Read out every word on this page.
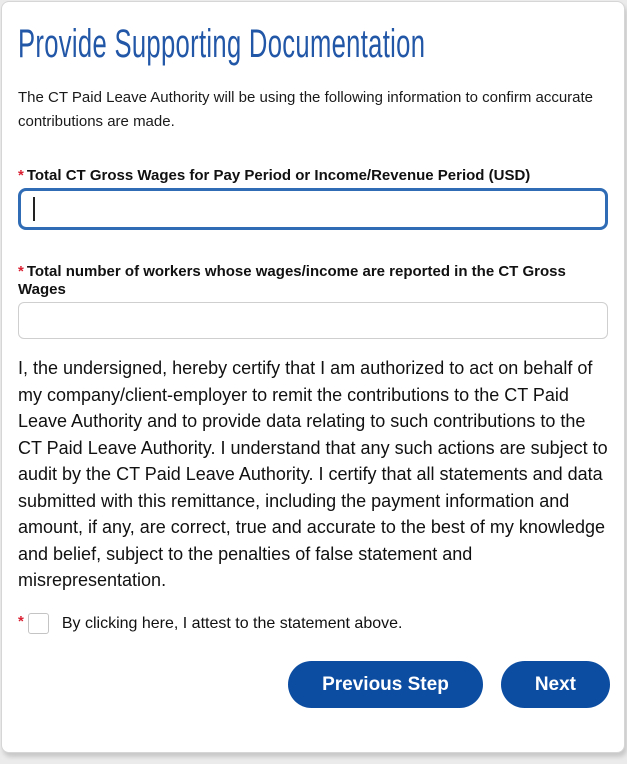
Provide Supporting Documentation

The CT Paid Leave Authority will be using the following information to confirm accurate contributions are made.

* Total CT Gross Wages for Pay Period or Income/Revenue Period (USD)
* Total number of workers whose wages/income are reported in the CT Gross Wages

I, the undersigned, hereby certify that I am authorized to act on behalf of my company/client-employer to remit the contributions to the CT Paid Leave Authority and to provide data relating to such contributions to the CT Paid Leave Authority. I understand that any such actions are subject to audit by the CT Paid Leave Authority. I certify that all statements and data submitted with this remittance, including the payment information and amount, if any, are correct, true and accurate to the best of my knowledge and belief, subject to the penalties of false statement and misrepresentation.

* By clicking here, I attest to the statement above.
Previous Step	Next
